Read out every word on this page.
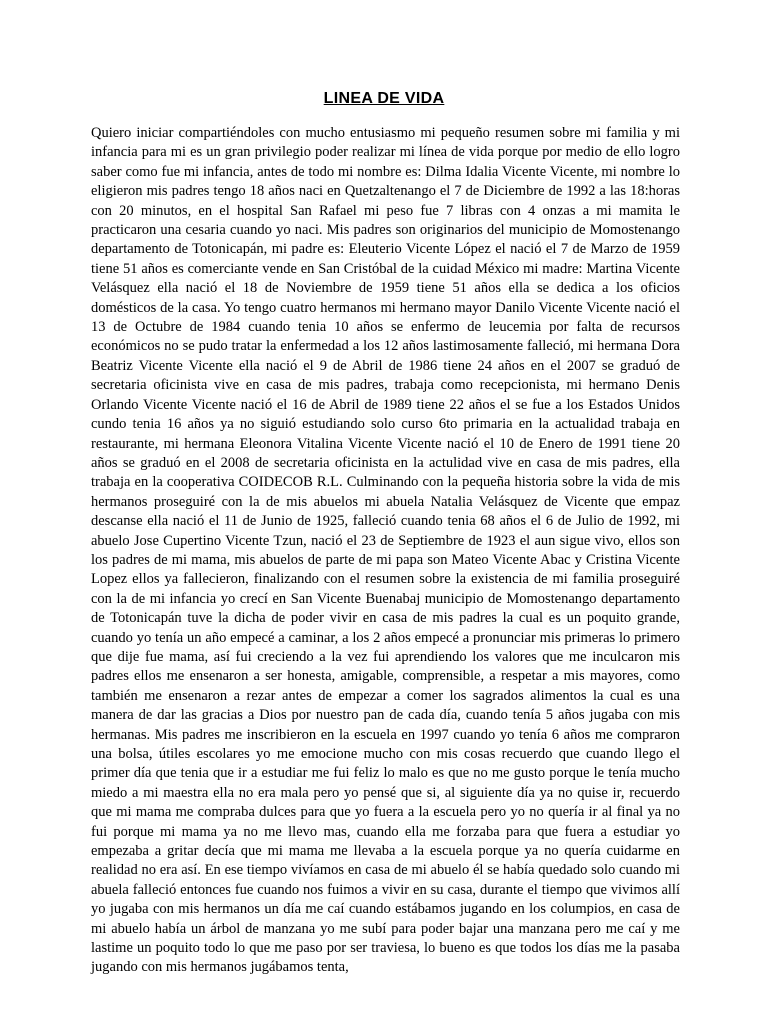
LINEA DE VIDA

Quiero iniciar compartiéndoles con mucho entusiasmo mi pequeño resumen sobre mi familia y mi infancia para mi es un gran privilegio poder realizar mi línea de vida porque por medio de ello logro saber como fue mi infancia, antes de todo mi nombre es: Dilma Idalia Vicente Vicente, mi nombre lo eligieron mis padres tengo 18 años naci en Quetzaltenango el 7 de Diciembre de 1992 a las 18:horas con 20 minutos, en el hospital San Rafael mi peso fue 7 libras con 4 onzas a mi mamita le practicaron una cesaria cuando yo naci. Mis padres son originarios del municipio de Momostenango departamento de Totonicapán, mi padre es: Eleuterio Vicente López el nació el 7 de Marzo de 1959 tiene 51 años es comerciante vende en San Cristóbal de la cuidad México mi madre: Martina Vicente Velásquez ella nació el 18 de Noviembre de 1959 tiene 51 años ella se dedica a los oficios domésticos de la casa. Yo tengo cuatro hermanos mi hermano mayor Danilo Vicente Vicente nació el 13 de Octubre de 1984 cuando tenia 10 años se enfermo de leucemia por falta de recursos económicos no se pudo tratar la enfermedad a los 12 años lastimosamente falleció, mi hermana Dora Beatriz Vicente Vicente ella nació el 9 de Abril de 1986 tiene 24 años en el 2007 se graduó de secretaria oficinista vive en casa de mis padres, trabaja como recepcionista, mi hermano Denis Orlando Vicente Vicente nació el 16 de Abril de 1989 tiene 22 años el se fue a los Estados Unidos cundo tenia 16 años ya no siguió estudiando solo curso 6to primaria en la actualidad trabaja en restaurante, mi hermana Eleonora Vitalina Vicente Vicente nació el 10 de Enero de 1991 tiene 20 años se graduó en el 2008 de secretaria oficinista en la actulidad vive en casa de mis padres, ella trabaja en la cooperativa COIDECOB R.L. Culminando con la pequeña historia sobre la vida de mis hermanos proseguiré con la de mis abuelos mi abuela Natalia Velásquez de Vicente que empaz descanse ella nació el 11 de Junio de 1925, falleció cuando tenia 68 años el 6 de Julio de 1992, mi abuelo Jose Cupertino Vicente Tzun, nació el 23 de Septiembre de 1923 el aun sigue vivo, ellos son los padres de mi mama, mis abuelos de parte de mi papa son Mateo Vicente Abac y Cristina Vicente Lopez ellos ya fallecieron, finalizando con el resumen sobre la existencia de mi familia proseguiré con la de mi infancia yo crecí en San Vicente Buenabaj municipio de Momostenango departamento de Totonicapán tuve la dicha de poder vivir en casa de mis padres la cual es un poquito grande, cuando yo tenía un año empecé a caminar, a los 2 años empecé a pronunciar mis primeras lo primero que dije fue mama, así fui creciendo a la vez fui aprendiendo los valores que me inculcaron mis padres ellos me ensenaron a ser honesta, amigable, comprensible, a respetar a mis mayores, como también me ensenaron a rezar antes de empezar a comer los sagrados alimentos la cual es una manera de dar las gracias a Dios por nuestro pan de cada día, cuando tenía 5 años jugaba con mis hermanas. Mis padres me inscribieron en la escuela en 1997 cuando yo tenía 6 años me compraron una bolsa, útiles escolares yo me emocione mucho con mis cosas recuerdo que cuando llego el primer día que tenia que ir a estudiar me fui feliz lo malo es que no me gusto porque le tenía mucho miedo a mi maestra ella no era mala pero yo pensé que si, al siguiente día ya no quise ir, recuerdo que mi mama me compraba dulces para que yo fuera a la escuela pero yo no quería ir al final ya no fui porque mi mama ya no me llevo mas, cuando ella me forzaba para que fuera a estudiar yo empezaba a gritar decía que mi mama me llevaba a la escuela porque ya no quería cuidarme en realidad no era así. En ese tiempo vivíamos en casa de mi abuelo él se había quedado solo cuando mi abuela falleció entonces fue cuando nos fuimos a vivir en su casa, durante el tiempo que vivimos allí yo jugaba con mis hermanos un día me caí cuando estábamos jugando en los columpios, en casa de mi abuelo había un árbol de manzana yo me subí para poder bajar una manzana pero me caí y me lastime un poquito todo lo que me paso por ser traviesa, lo bueno es que todos los días me la pasaba jugando con mis hermanos jugábamos tenta,
